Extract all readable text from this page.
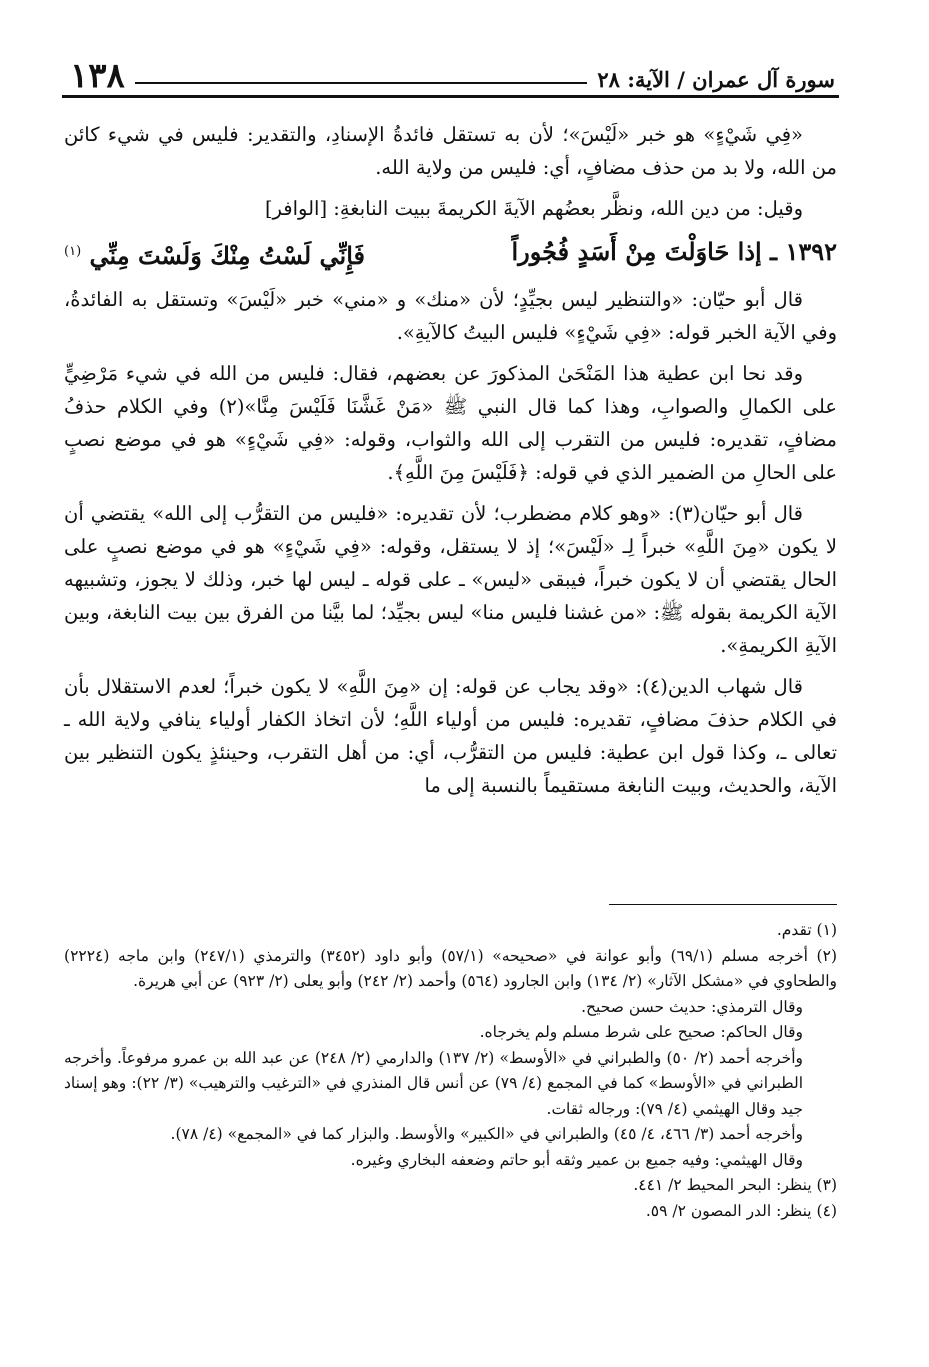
سورة آل عمران / الآية: ٢٨
١٣٨

«فِي شَيْءٍ» هو خبر «لَيْسَ»؛ لأن به تستقل فائدةُ الإسنادِ، والتقدير: فليس في شيء كائن من الله، ولا بد من حذف مضافٍ، أي: فليس من ولاية الله.

وقيل: من دين الله، ونظَّر بعضُهم الآيةَ الكريمةَ ببيت النابغةِ: [الوافر]

١٣٩٢ ـ إذا حَاوَلْتَ مِنْ أَسَدٍ فُجُوراً
فَإِنِّي لَسْتُ مِنْكَ وَلَسْتَ مِنِّي $^{(١)}$

قال أبو حيّان: «والتنظير ليس بجيِّدٍ؛ لأن «منك» و «مني» خبر «لَيْسَ» وتستقل به الفائدةُ، وفي الآية الخبر قوله: «فِي شَيْءٍ» فليس البيتُ كالآيةِ».

وقد نحا ابن عطية هذا المَنْحَىٰ المذكورَ عن بعضهم، فقال: فليس من الله في شيء مَرْضِيٍّ على الكمالِ والصوابِ، وهذا كما قال النبي ﷺ «مَنْ غَشَّنَا فَلَيْسَ مِنَّا»(٢) وفي الكلام حذفُ مضافٍ، تقديره: فليس من التقرب إلى الله والثواب، وقوله: «فِي شَيْءٍ» هو في موضع نصبٍ على الحالِ من الضمير الذي في قوله: ﴿فَلَيْسَ مِنَ اللَّهِ﴾.

قال أبو حيّان(٣): «وهو كلام مضطرب؛ لأن تقديره: «فليس من التقرُّب إلى الله» يقتضي أن لا يكون «مِنَ اللَّهِ» خبراً لِـ «لَيْسَ»؛ إذ لا يستقل، وقوله: «فِي شَيْءٍ» هو في موضع نصبٍ على الحال يقتضي أن لا يكون خبراً، فيبقى «ليس» ـ على قوله ـ ليس لها خبر، وذلك لا يجوز، وتشبيهه الآية الكريمة بقوله ﷺ: «من غشنا فليس منا» ليس بجيِّد؛ لما بيَّنا من الفرق بين بيت النابغة، وبين الآيةِ الكريمةِ».

قال شهاب الدين(٤): «وقد يجاب عن قوله: إن «مِنَ اللَّهِ» لا يكون خبراً؛ لعدم الاستقلال بأن في الكلام حذفَ مضافٍ، تقديره: فليس من أولياء اللَّهِ؛ لأن اتخاذ الكفار أولياء ينافي ولاية الله ـ تعالى ـ، وكذا قول ابن عطية: فليس من التقرُّب، أي: من أهل التقرب، وحينئذٍ يكون التنظير بين الآية، والحديث، وبيت النابغة مستقيماً بالنسبة إلى ما

(١) تقدم.

(٢) أخرجه مسلم (٦٩/١) وأبو عوانة في «صحيحه» (٥٧/١) وأبو داود (٣٤٥٢) والترمذي (٢٤٧/١) وابن ماجه (٢٢٢٤) والطحاوي في «مشكل الآثار» (٢/ ١٣٤) وابن الجارود (٥٦٤) وأحمد (٢/ ٢٤٢) وأبو يعلى (٢/ ٩٢٣) عن أبي هريرة.

وقال الترمذي: حديث حسن صحيح.

وقال الحاكم: صحيح على شرط مسلم ولم يخرجاه.

وأخرجه أحمد (٢/ ٥٠) والطبراني في «الأوسط» (٢/ ١٣٧) والدارمي (٢/ ٢٤٨) عن عبد الله بن عمرو مرفوعاً. وأخرجه الطبراني في «الأوسط» كما في المجمع (٤/ ٧٩) عن أنس قال المنذري في «الترغيب والترهيب» (٣/ ٢٢): وهو إسناد جيد وقال الهيثمي (٤/ ٧٩): ورجاله ثقات.

وأخرجه أحمد (٣/ ٤٦٦، ٤/ ٤٥) والطبراني في «الكبير» والأوسط. والبزار كما في «المجمع» (٤/ ٧٨).

وقال الهيثمي: وفيه جميع بن عمير وثقه أبو حاتم وضعفه البخاري وغيره.

(٣) ينظر: البحر المحيط ٢/ ٤٤١.

(٤) ينظر: الدر المصون ٢/ ٥٩.
